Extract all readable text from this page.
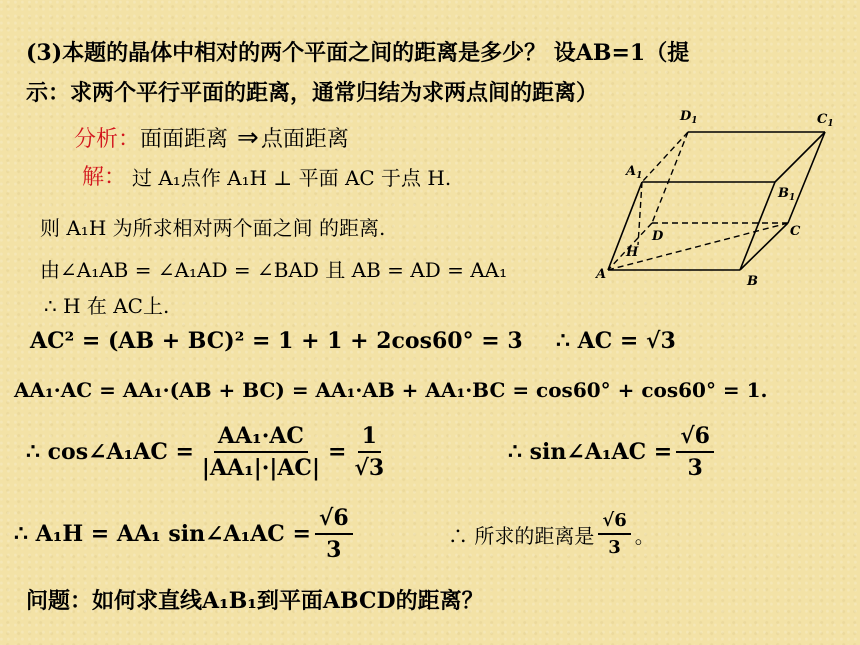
(3)本题的晶体中相对的两个平面之间的距离是多少？ 设AB=1（提
示：求两个平行平面的距离，通常归结为求两点间的距离）
分析：面面距离 ⇒点面距离
解： 过 A₁点作 A₁H ⊥ 平面 AC 于点 H.
则 A₁H 为所求相对两个面之间 的距离.
由∠A₁AB = ∠A₁AD = ∠BAD 且 AB = AD = AA₁
∴ H 在 AC上.
AC² = (AB + BC)² = 1 + 1 + 2cos60° = 3 ∴ AC = √3
AA₁·AC = AA₁·(AB + BC) = AA₁·AB + AA₁·BC = cos60° + cos60° = 1.
∴ cos∠A₁AC = $\frac{\text{AA₁·AC}}{\text{|AA₁|·|AC|}} = \frac{1}{√3}$	∴ sin∠A₁AC = $\frac{√6}{3}$
∴ A₁H = AA₁ sin∠A₁AC = $\frac{√6}{3}$	∴ 所求的距离是 $\frac{√6}{3}$ 。
问题：如何求直线A₁B₁到平面ABCD的距离？
$D_1$	$C_1$
$A_1$
$B_1$
D	C
H
A	B
